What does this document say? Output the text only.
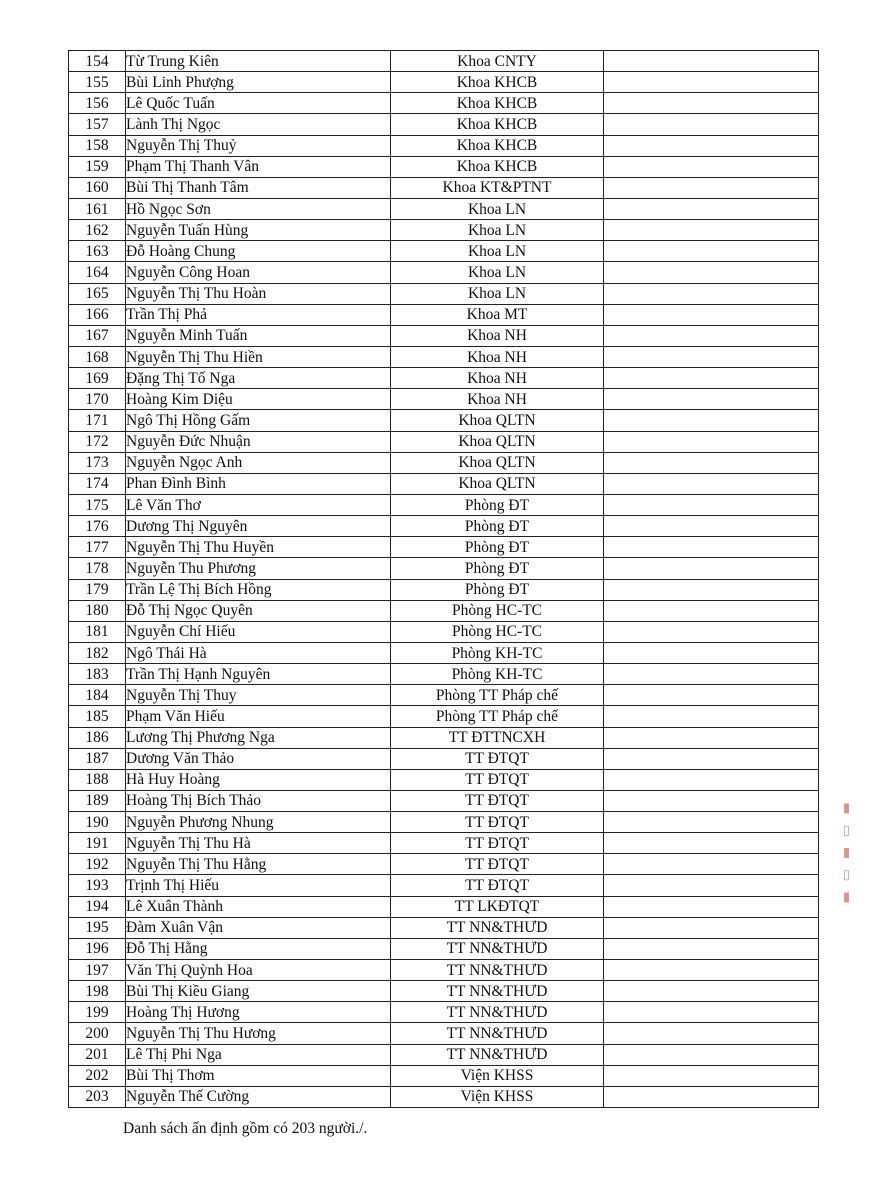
154	Từ Trung Kiên	Khoa CNTY	
155	Bùi Linh Phượng	Khoa KHCB	
156	Lê Quốc Tuấn	Khoa KHCB	
157	Lành Thị Ngọc	Khoa KHCB	
158	Nguyễn Thị Thuỷ	Khoa KHCB	
159	Phạm Thị Thanh Vân	Khoa KHCB	
160	Bùi Thị Thanh Tâm	Khoa KT&PTNT	
161	Hồ Ngọc Sơn	Khoa LN	
162	Nguyễn Tuấn Hùng	Khoa LN	
163	Đỗ Hoàng Chung	Khoa LN	
164	Nguyễn Công Hoan	Khoa LN	
165	Nguyễn Thị Thu Hoàn	Khoa LN	
166	Trần Thị Phả	Khoa MT	
167	Nguyễn Minh Tuấn	Khoa NH	
168	Nguyễn Thị Thu Hiền	Khoa NH	
169	Đặng Thị Tố Nga	Khoa NH	
170	Hoàng Kim Diệu	Khoa NH	
171	Ngô Thị Hồng Gấm	Khoa QLTN	
172	Nguyễn Đức Nhuận	Khoa QLTN	
173	Nguyễn Ngọc Anh	Khoa QLTN	
174	Phan Đình Bình	Khoa QLTN	
175	Lê Văn Thơ	Phòng ĐT	
176	Dương Thị Nguyên	Phòng ĐT	
177	Nguyễn Thị Thu Huyền	Phòng ĐT	
178	Nguyễn Thu Phương	Phòng ĐT	
179	Trần Lệ Thị Bích Hồng	Phòng ĐT	
180	Đỗ Thị Ngọc Quyên	Phòng HC-TC	
181	Nguyễn Chí Hiếu	Phòng HC-TC	
182	Ngô Thái Hà	Phòng KH-TC	
183	Trần Thị Hạnh Nguyên	Phòng KH-TC	
184	Nguyễn Thị Thuy	Phòng TT Pháp chế	
185	Phạm Văn Hiếu	Phòng TT Pháp chế	
186	Lương Thị Phương Nga	TT ĐTTNCXH	
187	Dương Văn Thảo	TT ĐTQT	
188	Hà Huy Hoàng	TT ĐTQT	
189	Hoàng Thị Bích Thảo	TT ĐTQT	
190	Nguyễn Phương Nhung	TT ĐTQT	
191	Nguyễn Thị Thu Hà	TT ĐTQT	
192	Nguyễn Thị Thu Hằng	TT ĐTQT	
193	Trịnh Thị Hiếu	TT ĐTQT	
194	Lê Xuân Thành	TT LKĐTQT	
195	Đàm Xuân Vận	TT NN&THƯD	
196	Đỗ Thị Hằng	TT NN&THƯD	
197	Văn Thị Quỳnh Hoa	TT NN&THƯD	
198	Bùi Thị Kiều Giang	TT NN&THƯD	
199	Hoàng Thị Hương	TT NN&THƯD	
200	Nguyễn Thị Thu Hương	TT NN&THƯD	
201	Lê Thị Phi Nga	TT NN&THƯD	
202	Bùi Thị Thơm	Viện KHSS	
203	Nguyễn Thế Cường	Viện KHSS	
Danh sách ấn định gồm có 203 người./.
▮ ▯ ▮ ▯ ▮
